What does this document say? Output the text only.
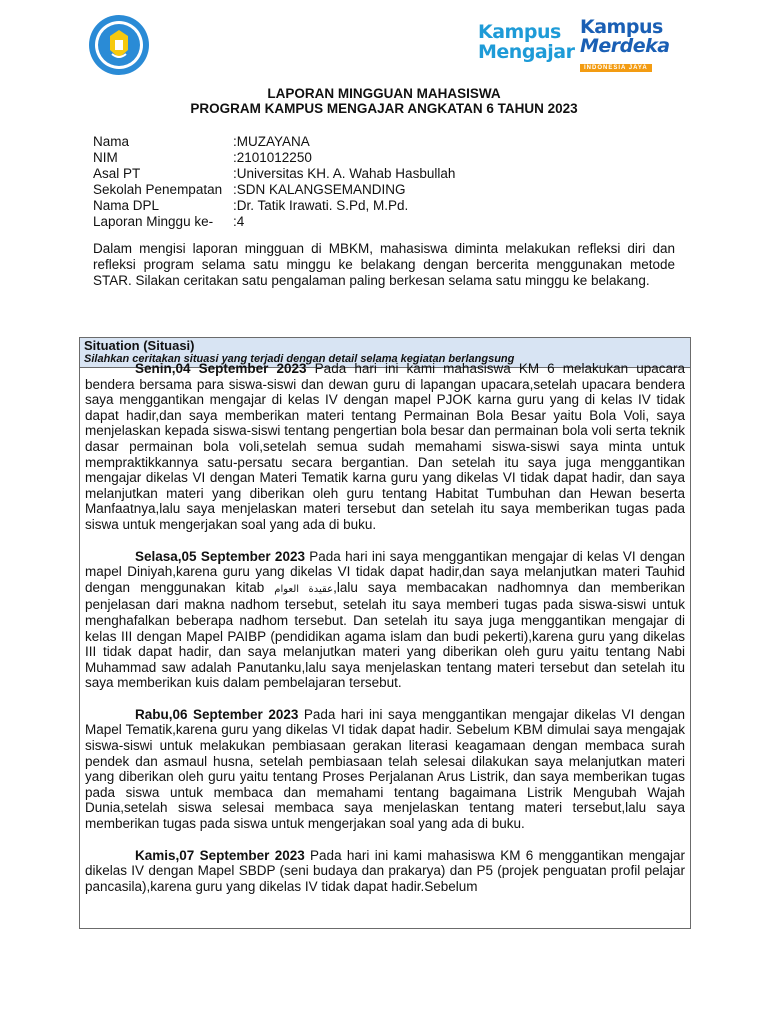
Kampus
Mengajar
Kampus
Merdeka
INDONESIA JAYA
LAPORAN MINGGUAN MAHASISWA
PROGRAM KAMPUS MENGAJAR ANGKATAN 6 TAHUN 2023
Nama	:MUZAYANA
NIM	:2101012250
Asal PT	:Universitas KH. A. Wahab Hasbullah
Sekolah Penempatan :SDN KALANGSEMANDING
Nama DPL	:Dr. Tatik Irawati. S.Pd, M.Pd.
Laporan Minggu ke-	:4
Dalam mengisi laporan mingguan di MBKM, mahasiswa diminta melakukan refleksi diri dan refleksi program selama satu minggu ke belakang dengan bercerita menggunakan metode STAR. Silakan ceritakan satu pengalaman paling berkesan selama satu minggu ke belakang.
Situation (Situasi)
Silahkan ceritakan situasi yang terjadi dengan detail selama kegiatan berlangsung

Senin,04 September 2023 Pada hari ini kami mahasiswa KM 6 melakukan upacara bendera bersama para siswa-siswi dan dewan guru di lapangan upacara,setelah upacara bendera saya menggantikan mengajar di kelas IV dengan mapel PJOK karna guru yang di kelas IV tidak dapat hadir,dan saya memberikan materi tentang Permainan Bola Besar yaitu Bola Voli, saya menjelaskan kepada siswa-siswi tentang pengertian bola besar dan permainan bola voli serta teknik dasar permainan bola voli,setelah semua sudah memahami siswa-siswi saya minta untuk mempraktikkannya satu-persatu secara bergantian. Dan setelah itu saya juga menggantikan mengajar dikelas VI dengan Materi Tematik karna guru yang dikelas VI tidak dapat hadir, dan saya melanjutkan materi yang diberikan oleh guru tentang Habitat Tumbuhan dan Hewan beserta Manfaatnya,lalu saya menjelaskan materi tersebut dan setelah itu saya memberikan tugas pada siswa untuk mengerjakan soal yang ada di buku.

Selasa,05 September 2023 Pada hari ini saya menggantikan mengajar di kelas VI dengan mapel Diniyah,karena guru yang dikelas VI tidak dapat hadir,dan saya melanjutkan materi Tauhid dengan menggunakan kitab عقيدة العوام,lalu saya membacakan nadhomnya dan memberikan penjelasan dari makna nadhom tersebut, setelah itu saya memberi tugas pada siswa-siswi untuk menghafalkan beberapa nadhom tersebut. Dan setelah itu saya juga menggantikan mengajar di kelas III dengan Mapel PAIBP (pendidikan agama islam dan budi pekerti),karena guru yang dikelas III tidak dapat hadir, dan saya melanjutkan materi yang diberikan oleh guru yaitu tentang Nabi Muhammad saw adalah Panutanku,lalu saya menjelaskan tentang materi tersebut dan setelah itu saya memberikan kuis dalam pembelajaran tersebut.

Rabu,06 September 2023 Pada hari ini saya menggantikan mengajar dikelas VI dengan Mapel Tematik,karena guru yang dikelas VI tidak dapat hadir. Sebelum KBM dimulai saya mengajak siswa-siswi untuk melakukan pembiasaan gerakan literasi keagamaan dengan membaca surah pendek dan asmaul husna, setelah pembiasaan telah selesai dilakukan saya melanjutkan materi yang diberikan oleh guru yaitu tentang Proses Perjalanan Arus Listrik, dan saya memberikan tugas pada siswa untuk membaca dan memahami tentang bagaimana Listrik Mengubah Wajah Dunia,setelah siswa selesai membaca saya menjelaskan tentang materi tersebut,lalu saya memberikan tugas pada siswa untuk mengerjakan soal yang ada di buku.

Kamis,07 September 2023 Pada hari ini kami mahasiswa KM 6 menggantikan mengajar dikelas IV dengan Mapel SBDP (seni budaya dan prakarya) dan P5 (projek penguatan profil pelajar pancasila),karena guru yang dikelas IV tidak dapat hadir.Sebelum
